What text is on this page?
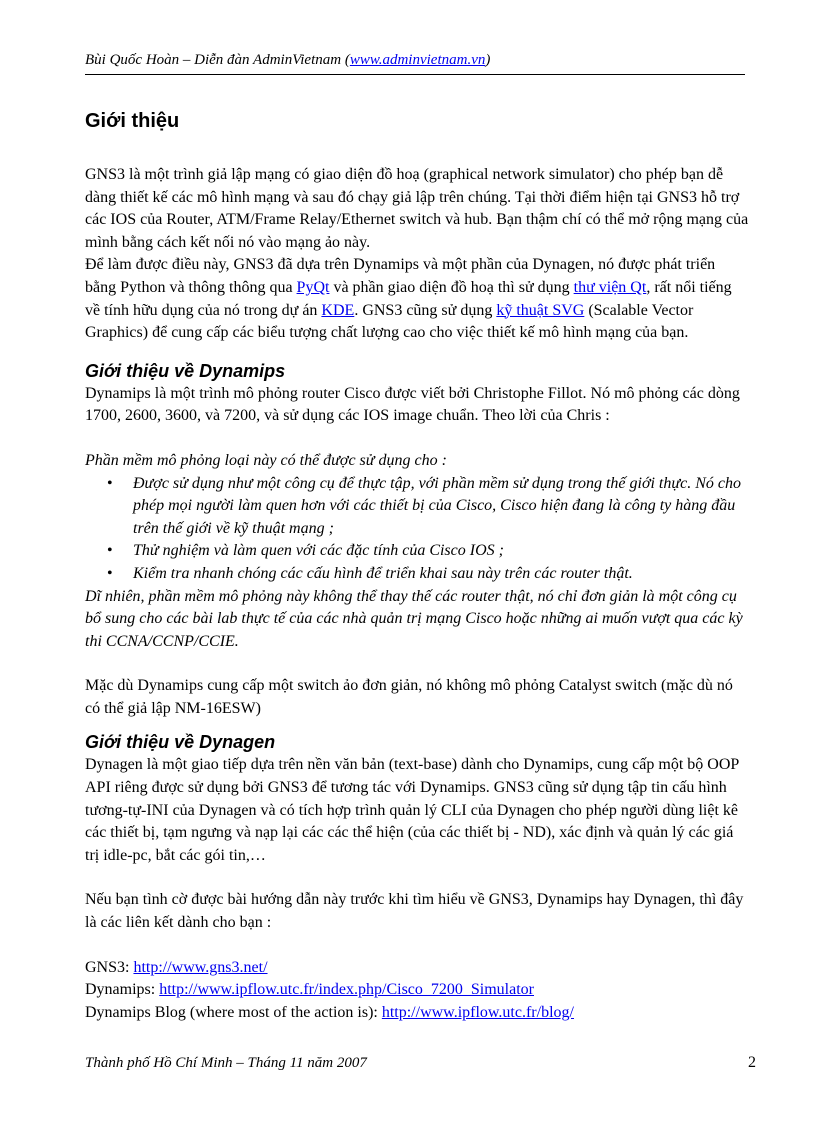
Bùi Quốc Hoàn – Diễn đàn AdminVietnam (www.adminvietnam.vn)
Giới thiệu

GNS3 là một trình giả lập mạng có giao diện đồ hoạ (graphical network simulator) cho phép bạn dễ dàng thiết kế các mô hình mạng và sau đó chạy giả lập trên chúng. Tại thời điểm hiện tại GNS3 hỗ trợ các IOS của Router, ATM/Frame Relay/Ethernet switch và hub. Bạn thậm chí có thể mở rộng mạng của mình bằng cách kết nối nó vào mạng ảo này.

Để làm được điều này, GNS3 đã dựa trên Dynamips và một phần của Dynagen, nó được phát triển bằng Python và thông thông qua PyQt và phần giao diện đồ hoạ thì sử dụng thư viện Qt, rất nổi tiếng về tính hữu dụng của nó trong dự án KDE. GNS3 cũng sử dụng kỹ thuật SVG (Scalable Vector Graphics) để cung cấp các biểu tượng chất lượng cao cho việc thiết kế mô hình mạng của bạn.

Giới thiệu về Dynamips

Dynamips là một trình mô phỏng router Cisco được viết bởi Christophe Fillot. Nó mô phỏng các dòng 1700, 2600, 3600, và 7200, và sử dụng các IOS image chuẩn. Theo lời của Chris :

Phần mềm mô phỏng loại này có thể được sử dụng cho :

• Được sử dụng như một công cụ để thực tập, với phần mềm sử dụng trong thế giới thực. Nó cho phép mọi người làm quen hơn với các thiết bị của Cisco, Cisco hiện đang là công ty hàng đầu trên thế giới về kỹ thuật mạng ;
• Thử nghiệm và làm quen với các đặc tính của Cisco IOS ;
• Kiểm tra nhanh chóng các cấu hình để triển khai sau này trên các router thật.

Dĩ nhiên, phần mềm mô phỏng này không thể thay thế các router thật, nó chỉ đơn giản là một công cụ bổ sung cho các bài lab thực tế của các nhà quản trị mạng Cisco hoặc những ai muốn vượt qua các kỳ thi CCNA/CCNP/CCIE.

Mặc dù Dynamips cung cấp một switch ảo đơn giản, nó không mô phỏng Catalyst switch (mặc dù nó có thể giả lập NM-16ESW)

Giới thiệu về Dynagen

Dynagen là một giao tiếp dựa trên nền văn bản (text-base) dành cho Dynamips, cung cấp một bộ OOP API riêng được sử dụng bởi GNS3 để tương tác với Dynamips. GNS3 cũng sử dụng tập tin cấu hình tương-tự-INI của Dynagen và có tích hợp trình quản lý CLI của Dynagen cho phép người dùng liệt kê các thiết bị, tạm ngưng và nạp lại các các thể hiện (của các thiết bị - ND), xác định và quản lý các giá trị idle-pc, bắt các gói tin,…

Nếu bạn tình cờ được bài hướng dẫn này trước khi tìm hiểu về GNS3, Dynamips hay Dynagen, thì đây là các liên kết dành cho bạn :

GNS3: http://www.gns3.net/

Dynamips: http://www.ipflow.utc.fr/index.php/Cisco_7200_Simulator

Dynamips Blog (where most of the action is): http://www.ipflow.utc.fr/blog/

Thành phố Hồ Chí Minh – Tháng 11 năm 2007	2
